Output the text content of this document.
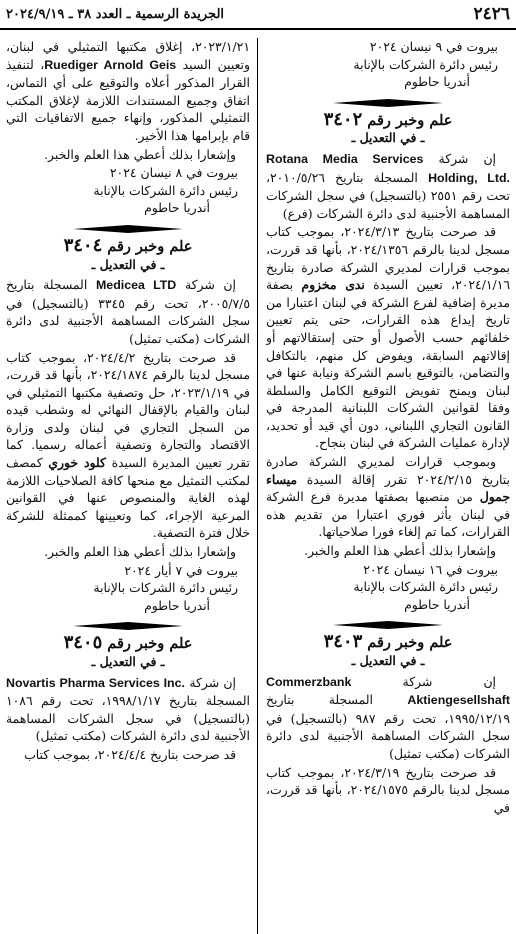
٢٤٢٦
الجريدة الرسمية ـ العدد ٣٨ ـ ٢٠٢٤/٩/١٩
بيروت في ٩ نيسان ٢٠٢٤
رئيس دائرة الشركات بالإنابة
أندريا حاطوم
علم وخبر رقم ٣٤٠٢
ـ في التعديل ـ

إن شركة Rotana Media Services Holding, Ltd. المسجلة بتاريخ ٢٠١٠/٥/٢٦، تحت رقم ٢٥٥١ (بالتسجيل) في سجل الشركات المساهمة الأجنبية لدى دائرة الشركات (فرع)

قد صرحت بتاريخ ٢٠٢٤/٣/١٣، بموجب كتاب مسجل لدينا بالرقم ٢٠٢٤/١٣٥٦، بأنها قد قررت، بموجب قرارات لمديري الشركة صادرة بتاريخ ٢٠٢٤/١/١٦، تعيين السيدة ندى مخزوم بصفة مديرة إضافية لفرع الشركة في لبنان اعتبارا من تاريخ إيداع هذه القرارات، حتى يتم تعيين خلفائهم حسب الأصول أو حتى إستقالاتهم أو إقالاتهم السابقة، ويفوض كل منهم، بالتكافل والتضامن، بالتوقيع باسم الشركة ونيابة عنها في لبنان ويمنح تفويض التوقيع الكامل والسلطة وفقا لقوانين الشركات اللبنانية المدرجة في القانون التجاري اللبناني، دون أي قيد أو تحديد، لإدارة عمليات الشركة في لبنان بنجاح.

وبموجب قرارات لمديري الشركة صادرة بتاريخ ٢٠٢٤/٢/١٥ تقرر إقالة السيدة ميساء جمول من منصبها بصفتها مديرة فرع الشركة في لبنان بأثر فوري اعتبارا من تقديم هذه القرارات، كما تم إلغاء فورا صلاحياتها.

وإشعارا بذلك أعطي هذا العلم والخبر.

بيروت في ١٦ نيسان ٢٠٢٤
رئيس دائرة الشركات بالإنابة
أندريا حاطوم
علم وخبر رقم ٣٤٠٣
ـ في التعديل ـ

إن شركة Commerzbank Aktiengesellshaft المسجلة بتاريخ ١٩٩٥/١٢/١٩، تحت رقم ٩٨٧ (بالتسجيل) في سجل الشركات المساهمة الأجنبية لدى دائرة الشركات (مكتب تمثيل)

قد صرحت بتاريخ ٢٠٢٤/٣/١٩، بموجب كتاب مسجل لدينا بالرقم ٢٠٢٤/١٥٧٥، بأنها قد قررت، في

٢٠٢٣/١/٢١، إغلاق مكتبها التمثيلي في لبنان، وتعيين السيد Ruediger Arnold Geis، لتنفيذ القرار المذكور أعلاه والتوقيع على أي التماس، اتفاق وجميع المستندات اللازمة لإغلاق المكتب التمثيلي المذكور، وإنهاء جميع الاتفاقيات التي قام بإبرامها هذا الأخير.

وإشعارا بذلك أعطي هذا العلم والخبر.

بيروت في ٨ نيسان ٢٠٢٤
رئيس دائرة الشركات بالإنابة
أندريا حاطوم
علم وخبر رقم ٣٤٠٤
ـ في التعديل ـ

إن شركة Medicea LTD المسجلة بتاريخ ٢٠٠٥/٧/٥، تحت رقم ٣٣٤٥ (بالتسجيل) في سجل الشركات المساهمة الأجنبية لدى دائرة الشركات (مكتب تمثيل)

قد صرحت بتاريخ ٢٠٢٤/٤/٢، بموجب كتاب مسجل لدينا بالرقم ٢٠٢٤/١٨٧٤، بأنها قد قررت، في ٢٠٢٣/١/١٩، حل وتصفية مكتبها التمثيلي في لبنان والقيام بالإقفال النهائي له وشطب قيده من السجل التجاري في لبنان ولدى وزارة الاقتصاد والتجارة وتصفية أعماله رسميا. كما تقرر تعيين المديرة السيدة كلود خوري كمصف لمكتب التمثيل مع منحها كافة الصلاحيات اللازمة لهذه الغاية والمنصوص عنها في القوانين المرعية الإجراء، كما وتعيينها كممثلة للشركة خلال فترة التصفية.

وإشعارا بذلك أعطي هذا العلم والخبر.

بيروت في ٧ أيار ٢٠٢٤
رئيس دائرة الشركات بالإنابة
أندريا حاطوم
علم وخبر رقم ٣٤٠٥
ـ في التعديل ـ

إن شركة Novartis Pharma Services Inc. المسجلة بتاريخ ١٩٩٨/١/١٧، تحت رقم ١٠٨٦ (بالتسجيل) في سجل الشركات المساهمة الأجنبية لدى دائرة الشركات (مكتب تمثيل)

قد صرحت بتاريخ ٢٠٢٤/٤/٤، بموجب كتاب
